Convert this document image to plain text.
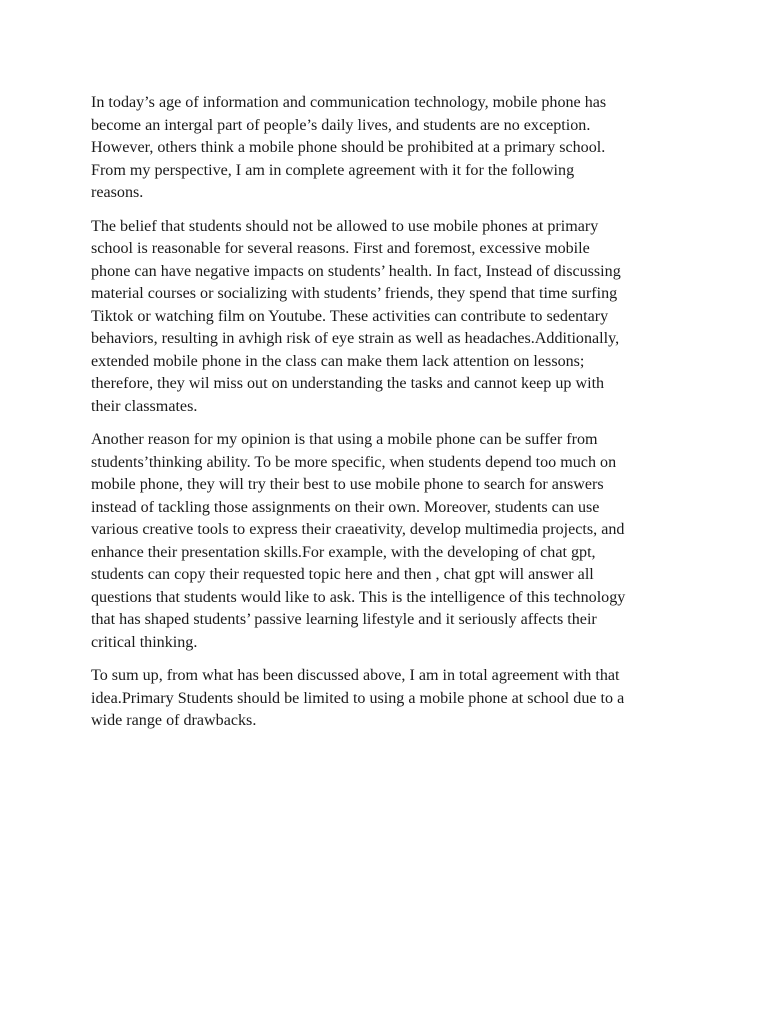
In today’s age of information and communication technology, mobile phone has
become an intergal part of people’s daily lives, and students are no exception.
However, others think a mobile phone should be prohibited at a primary school.
From my perspective, I am in complete agreement with it for the following
reasons.

The belief that students should not be allowed to use mobile phones at primary
school is reasonable for several reasons. First and foremost, excessive mobile
phone can have negative impacts on students’ health. In fact, Instead of discussing
material courses or socializing with students’ friends, they spend that time surfing
Tiktok or watching film on Youtube. These activities can contribute to sedentary
behaviors, resulting in avhigh risk of eye strain as well as headaches.Additionally,
extended mobile phone in the class can make them lack attention on lessons;
therefore, they wil miss out on understanding the tasks and cannot keep up with
their classmates.

Another reason for my opinion is that using a mobile phone can be suffer from
students’thinking ability. To be more specific, when students depend too much on
mobile phone, they will try their best to use mobile phone to search for answers
instead of tackling those assignments on their own. Moreover, students can use
various creative tools to express their craeativity, develop multimedia projects, and
enhance their presentation skills.For example, with the developing of chat gpt,
students can copy their requested topic here and then , chat gpt will answer all
questions that students would like to ask. This is the intelligence of this technology
that has shaped students’ passive learning lifestyle and it seriously affects their
critical thinking.

To sum up, from what has been discussed above, I am in total agreement with that
idea.Primary Students should be limited to using a mobile phone at school due to a
wide range of drawbacks.
